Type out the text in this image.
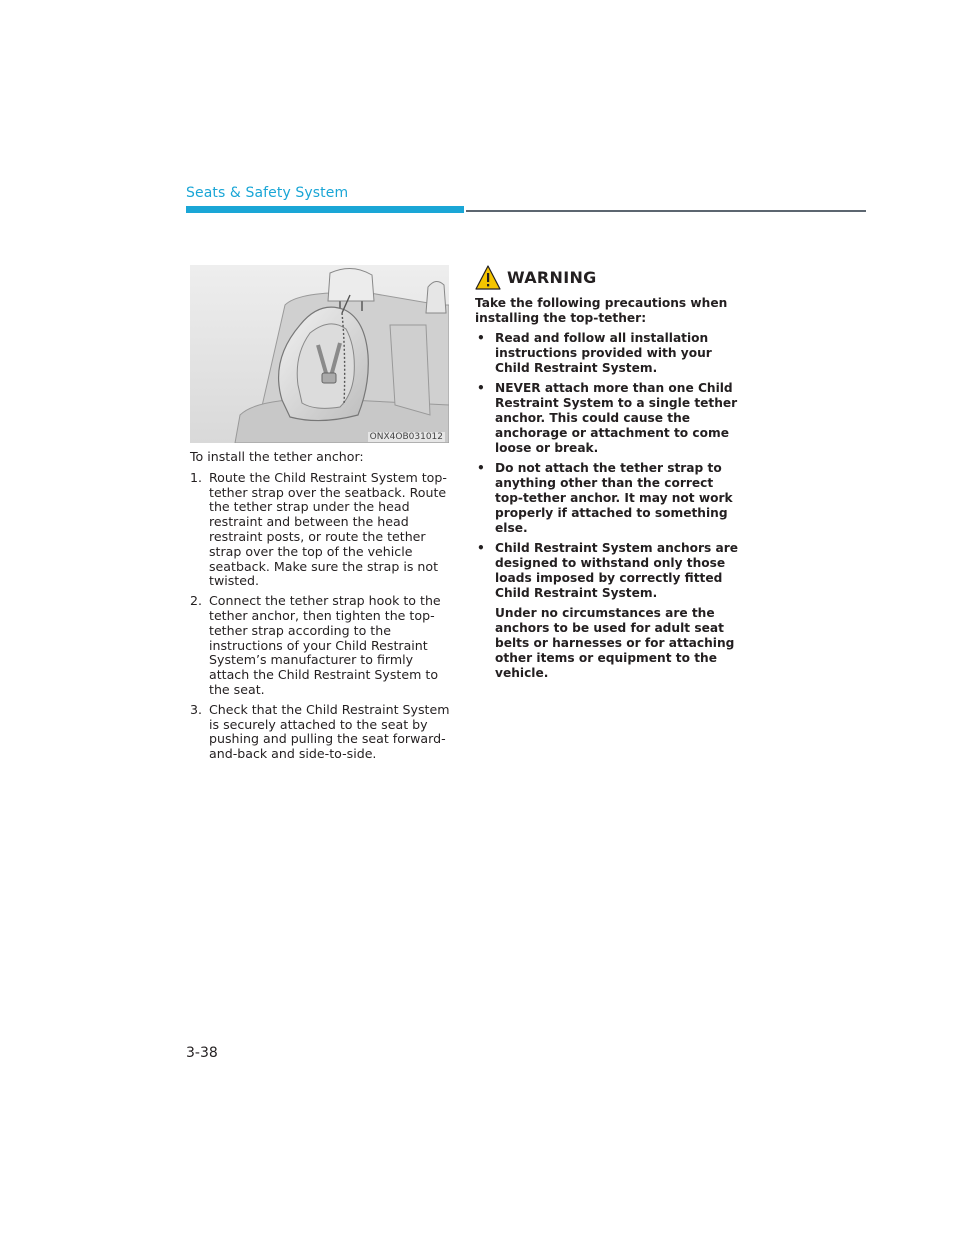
Seats & Safety System
ONX4OB031012

To install the tether anchor:

1. Route the Child Restraint System top-tether strap over the seatback. Route the tether strap under the head restraint and between the head restraint posts, or route the tether strap over the top of the vehicle seatback. Make sure the strap is not twisted.
2. Connect the tether strap hook to the tether anchor, then tighten the top-tether strap according to the instructions of your Child Restraint System’s manufacturer to firmly attach the Child Restraint System to the seat.
3. Check that the Child Restraint System is securely attached to the seat by pushing and pulling the seat forward-and-back and side-to-side.
WARNING

Take the following precautions when installing the top-tether:

• Read and follow all installation instructions provided with your Child Restraint System.
• NEVER attach more than one Child Restraint System to a single tether anchor. This could cause the anchorage or attachment to come loose or break.
• Do not attach the tether strap to anything other than the correct top-tether anchor. It may not work properly if attached to something else.
• Child Restraint System anchors are designed to withstand only those loads imposed by correctly fitted Child Restraint System.
Under no circumstances are the anchors to be used for adult seat belts or harnesses or for attaching other items or equipment to the vehicle.
3-38
